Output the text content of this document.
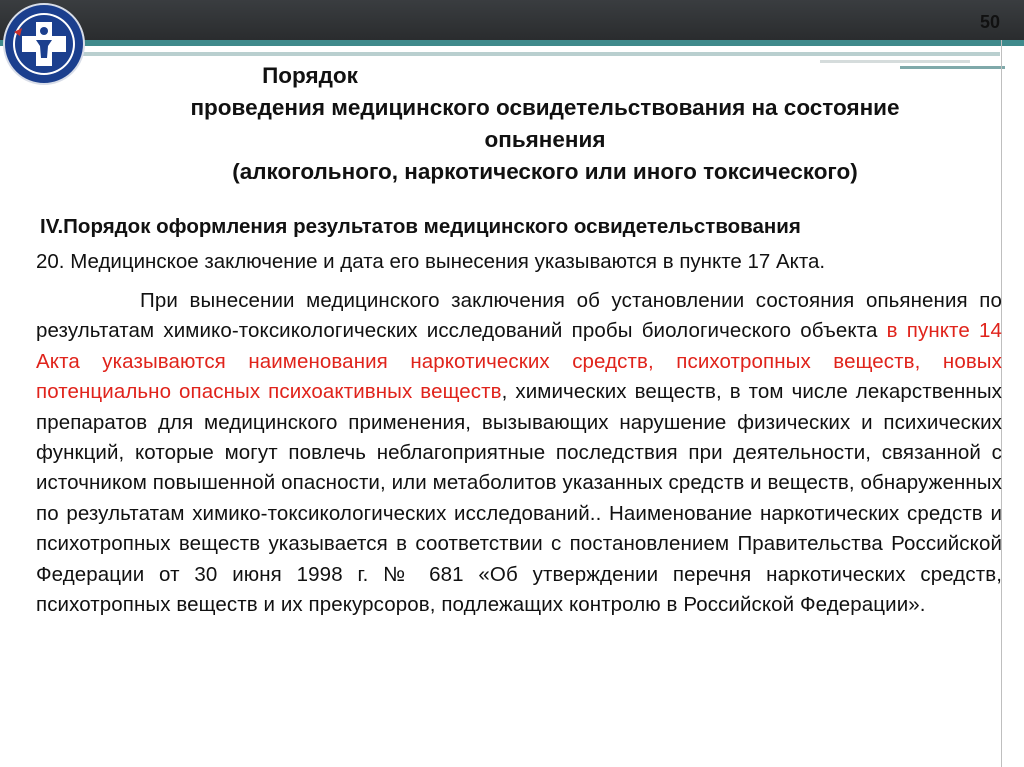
50
Порядок
проведения медицинского освидетельствования на состояние
опьянения
(алкогольного, наркотического или иного токсического)
IV.Порядок оформления результатов медицинского освидетельствования

20. Медицинское заключение и дата его вынесения указываются в пункте 17 Акта.

При вынесении медицинского заключения об установлении состояния опьянения по результатам химико-токсикологических исследований пробы биологического объекта в пункте 14 Акта указываются наименования наркотических средств, психотропных веществ, новых потенциально опасных психоактивных веществ, химических веществ, в том числе лекарственных препаратов для медицинского применения, вызывающих нарушение физических и психических функций, которые могут повлечь неблагоприятные последствия при деятельности, связанной с источником повышенной опасности, или метаболитов указанных средств и веществ, обнаруженных по результатам химико-токсикологических исследований.. Наименование наркотических средств и психотропных веществ указывается в соответствии с постановлением Правительства Российской Федерации от 30 июня 1998 г. № 681 «Об утверждении перечня наркотических средств, психотропных веществ и их прекурсоров, подлежащих контролю в Российской Федерации».
